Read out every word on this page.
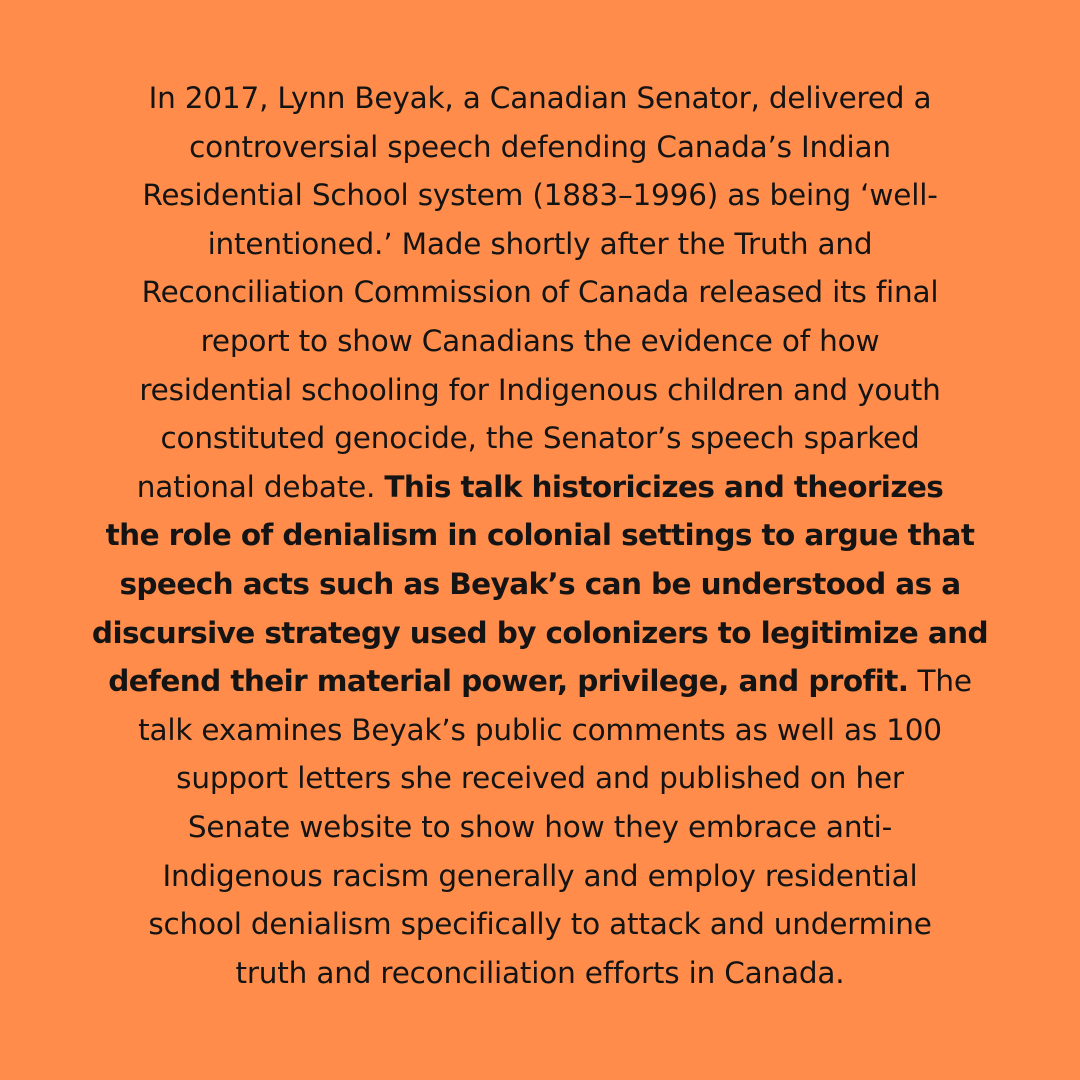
In 2017, Lynn Beyak, a Canadian Senator, delivered a
controversial speech defending Canada’s Indian
Residential School system (1883–1996) as being ‘well-
intentioned.’ Made shortly after the Truth and
Reconciliation Commission of Canada released its final
report to show Canadians the evidence of how
residential schooling for Indigenous children and youth
constituted genocide, the Senator’s speech sparked
national debate. This talk historicizes and theorizes
the role of denialism in colonial settings to argue that
speech acts such as Beyak’s can be understood as a
discursive strategy used by colonizers to legitimize and
defend their material power, privilege, and profit. The
talk examines Beyak’s public comments as well as 100
support letters she received and published on her
Senate website to show how they embrace anti-
Indigenous racism generally and employ residential
school denialism specifically to attack and undermine
truth and reconciliation efforts in Canada.
